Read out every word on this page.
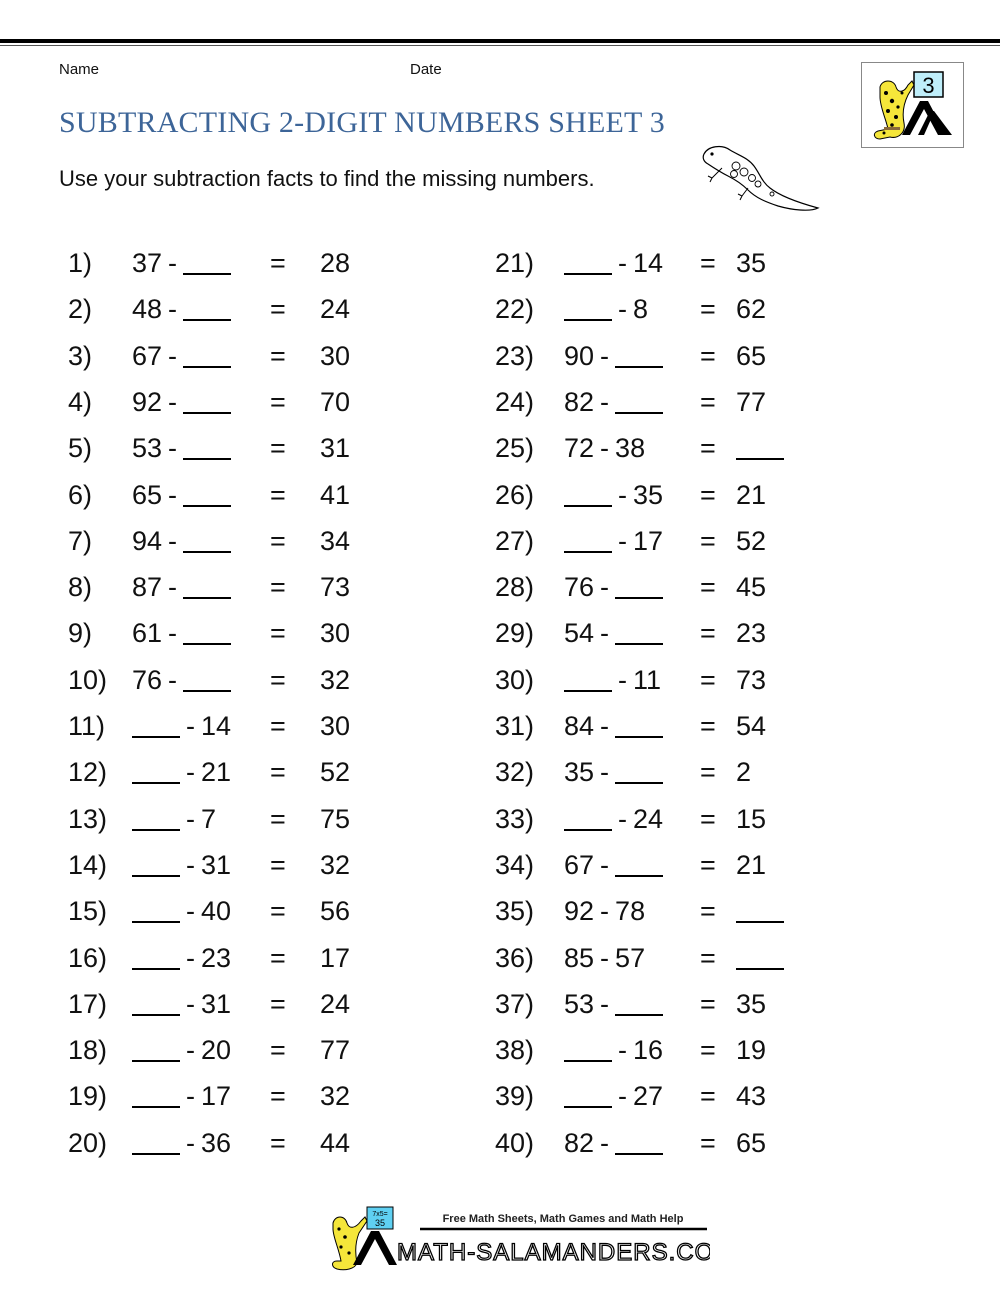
Name	Date
SUBTRACTING 2-DIGIT NUMBERS SHEET 3
Use your subtraction facts to find the missing numbers.
3
1) 37 -	= 28
2) 48 -	= 24
3) 67 -	= 30
4) 92 -	= 70
5) 53 -	= 31
6) 65 -	= 41
7) 94 -	= 34
8) 87 -	= 73
9) 61 -	= 30
10) 76 -	= 32
11)	- 14 = 30
12)	- 21 = 52
13)	- 7 = 75
14)	- 31 = 32
15)	- 40 = 56
16)	- 23 = 17
17)	- 31 = 24
18)	- 20 = 77
19)	- 17 = 32
20)	- 36 = 44
21)	- 14 = 35
22)	- 8 = 62
23) 90 -	= 65
24) 82 -	= 77
25) 72 - 38 =
26)	- 35 = 21
27)	- 17 = 52
28) 76 -	= 45
29) 54 -	= 23
30)	- 11 = 73
31) 84 -	= 54
32) 35 -	= 2
33)	- 24 = 15
34) 67 -	= 21
35) 92 - 78 =
36) 85 - 57 =
37) 53 -	= 35
38)	- 16 = 19
39)	- 27 = 43
40) 82 -	= 65
7x5=
35	Free Math Sheets, Math Games and Math Help
MATH-SALAMANDERS.COM
